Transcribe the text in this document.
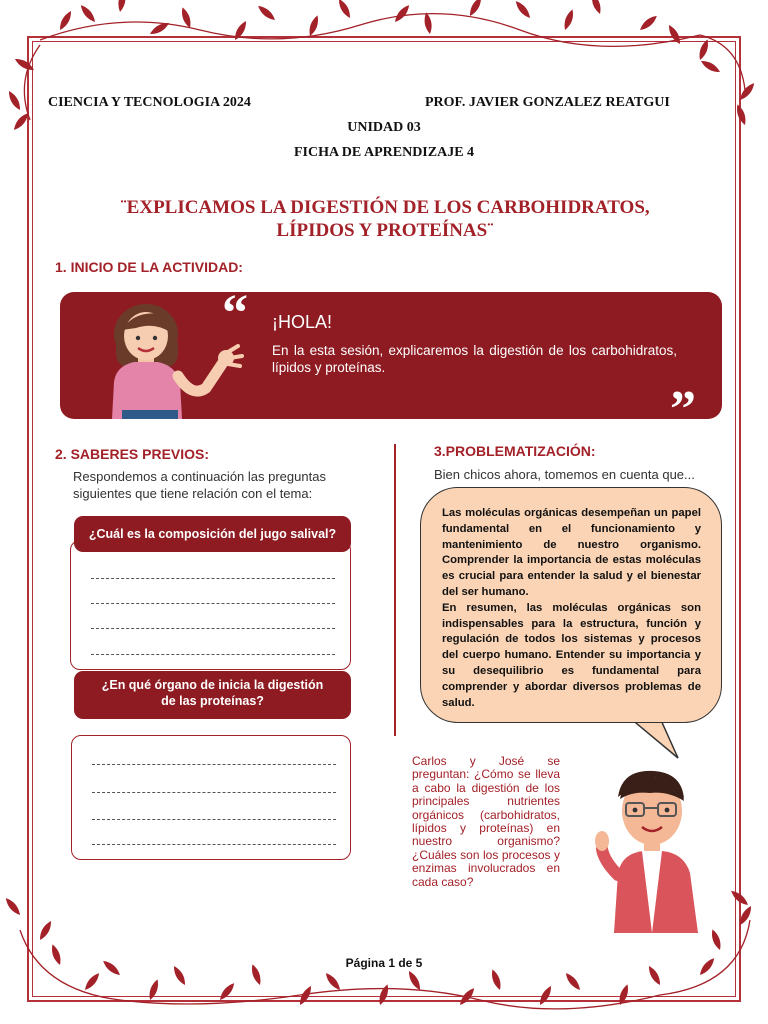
CIENCIA Y TECNOLOGIA 2024	PROF. JAVIER GONZALEZ REATGUI
UNIDAD 03
FICHA DE APRENDIZAJE 4
¨EXPLICAMOS LA DIGESTIÓN DE LOS CARBOHIDRATOS,
LÍPIDOS Y PROTEÍNAS¨
1. INICIO DE LA ACTIVIDAD:
“ ¡HOLA!

En la esta sesión, explicaremos la digestión de los carbohidratos, lípidos y proteínas.

”
2. SABERES PREVIOS:
Respondemos a continuación las preguntas siguientes que tiene relación con el tema:
¿Cuál es la composición del jugo salival?
¿En qué órgano de inicia la digestión de las proteínas?
3.PROBLEMATIZACIÓN:
Bien chicos ahora, tomemos en cuenta que...

Las moléculas orgánicas desempeñan un papel fundamental en el funcionamiento y mantenimiento de nuestro organismo. Comprender la importancia de estas moléculas es crucial para entender la salud y el bienestar del ser humano.

En resumen, las moléculas orgánicas son indispensables para la estructura, función y regulación de todos los sistemas y procesos del cuerpo humano. Entender su importancia y su desequilibrio es fundamental para comprender y abordar diversos problemas de salud.

Carlos y José se preguntan: ¿Cómo se lleva a cabo la digestión de los principales nutrientes orgánicos (carbohidratos, lípidos y proteínas) en nuestro organismo? ¿Cuáles son los procesos y enzimas involucrados en cada caso?
Página 1 de 5
